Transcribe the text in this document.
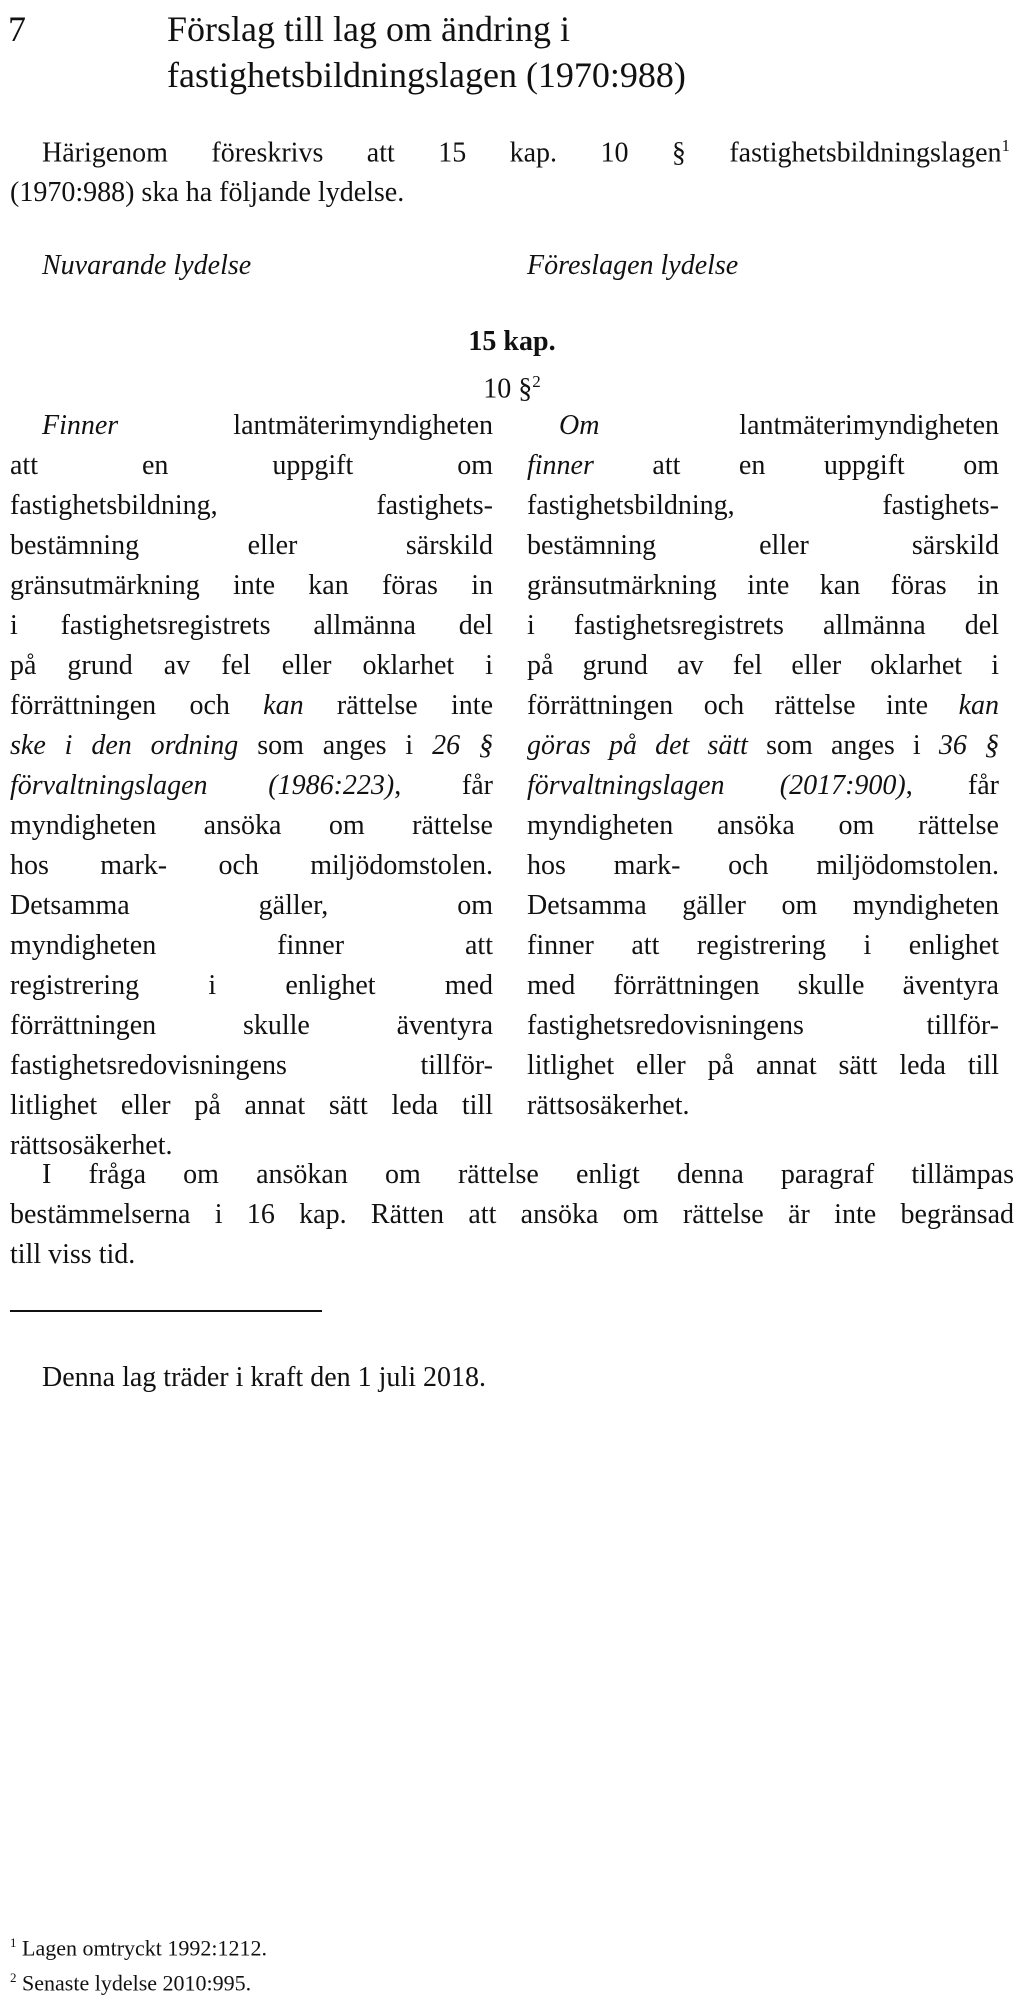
7	Förslag till lag om ändring i
fastighetsbildningslagen (1970:988)

Härigenom föreskrivs att 15 kap. 10 § fastighetsbildningslagen$^1$

(1970:988) ska ha följande lydelse.

Nuvarande lydelse	Föreslagen lydelse
15 kap.
10 §$^2$
Finner lantmäterimyndigheten
att en uppgift om
fastighetsbildning, fastighets-
bestämning eller särskild
gränsutmärkning inte kan föras in
i fastighetsregistrets allmänna del
på grund av fel eller oklarhet i
förrättningen och kan rättelse inte
ske i den ordning som anges i 26 §
förvaltningslagen (1986:223), får
myndigheten ansöka om rättelse
hos mark- och miljödomstolen.
Detsamma gäller, om
myndigheten finner att
registrering i enlighet med
förrättningen skulle äventyra
fastighetsredovisningens tillför-
litlighet eller på annat sätt leda till
rättsosäkerhet.
Om lantmäterimyndigheten
finner att en uppgift om
fastighetsbildning, fastighets-
bestämning eller särskild
gränsutmärkning inte kan föras in
i fastighetsregistrets allmänna del
på grund av fel eller oklarhet i
förrättningen och rättelse inte kan
göras på det sätt som anges i 36 §
förvaltningslagen (2017:900), får
myndigheten ansöka om rättelse
hos mark- och miljödomstolen.
Detsamma gäller om myndigheten
finner att registrering i enlighet
med förrättningen skulle äventyra
fastighetsredovisningens tillför-
litlighet eller på annat sätt leda till
rättsosäkerhet.
I fråga om ansökan om rättelse enligt denna paragraf tillämpas
bestämmelserna i 16 kap. Rätten att ansöka om rättelse är inte begränsad
till viss tid.
Denna lag träder i kraft den 1 juli 2018.
$^1$ Lagen omtryckt 1992:1212.
$^2$ Senaste lydelse 2010:995.
